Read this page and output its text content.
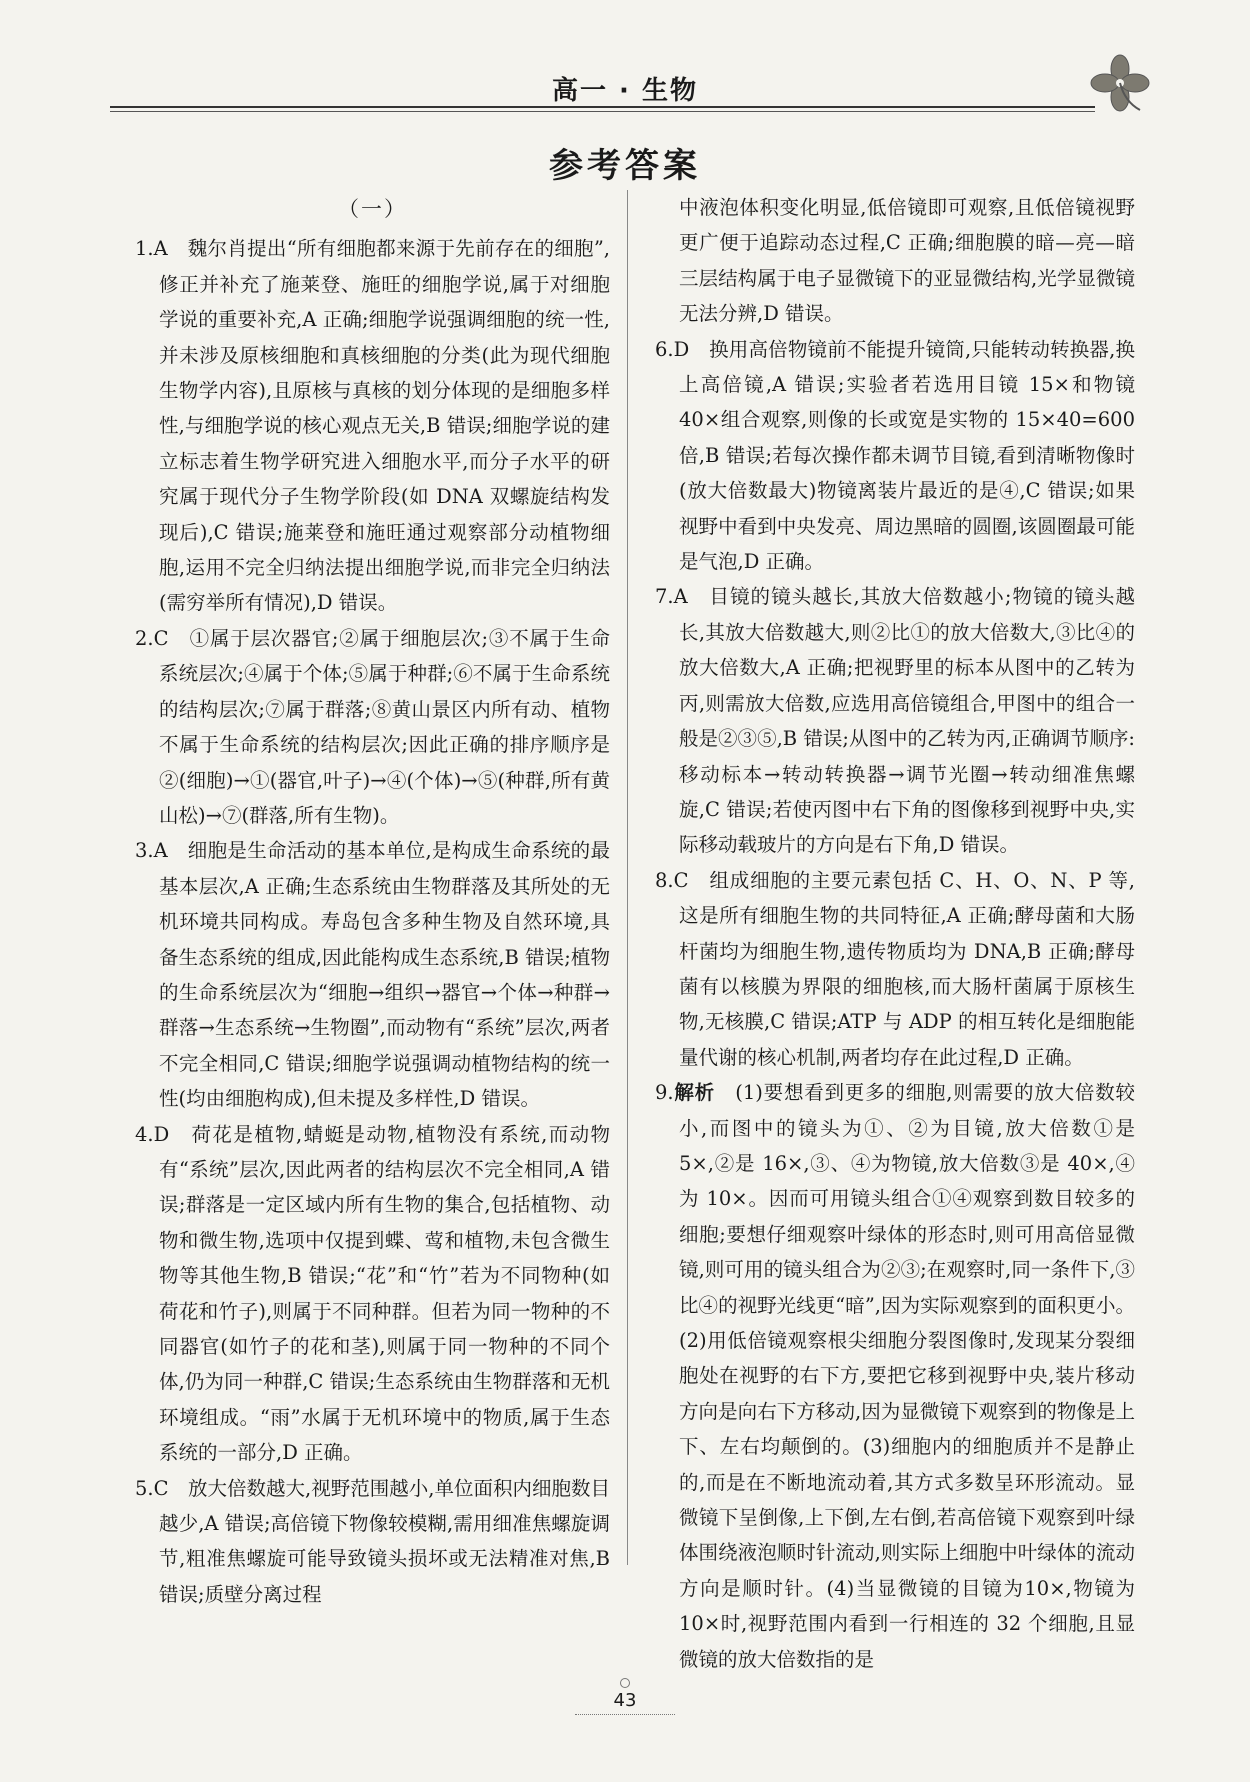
高一 · 生物
参考答案
（一）

1.A　魏尔肖提出“所有细胞都来源于先前存在的细胞”,修正并补充了施莱登、施旺的细胞学说,属于对细胞学说的重要补充,A 正确;细胞学说强调细胞的统一性,并未涉及原核细胞和真核细胞的分类(此为现代细胞生物学内容),且原核与真核的划分体现的是细胞多样性,与细胞学说的核心观点无关,B 错误;细胞学说的建立标志着生物学研究进入细胞水平,而分子水平的研究属于现代分子生物学阶段(如 DNA 双螺旋结构发现后),C 错误;施莱登和施旺通过观察部分动植物细胞,运用不完全归纳法提出细胞学说,而非完全归纳法(需穷举所有情况),D 错误。

2.C　①属于层次器官;②属于细胞层次;③不属于生命系统层次;④属于个体;⑤属于种群;⑥不属于生命系统的结构层次;⑦属于群落;⑧黄山景区内所有动、植物不属于生命系统的结构层次;因此正确的排序顺序是②(细胞)→①(器官,叶子)→④(个体)→⑤(种群,所有黄山松)→⑦(群落,所有生物)。

3.A　细胞是生命活动的基本单位,是构成生命系统的最基本层次,A 正确;生态系统由生物群落及其所处的无机环境共同构成。寿岛包含多种生物及自然环境,具备生态系统的组成,因此能构成生态系统,B 错误;植物的生命系统层次为“细胞→组织→器官→个体→种群→群落→生态系统→生物圈”,而动物有“系统”层次,两者不完全相同,C 错误;细胞学说强调动植物结构的统一性(均由细胞构成),但未提及多样性,D 错误。

4.D　荷花是植物,蜻蜓是动物,植物没有系统,而动物有“系统”层次,因此两者的结构层次不完全相同,A 错误;群落是一定区域内所有生物的集合,包括植物、动物和微生物,选项中仅提到蝶、莺和植物,未包含微生物等其他生物,B 错误;“花”和“竹”若为不同物种(如荷花和竹子),则属于不同种群。但若为同一物种的不同器官(如竹子的花和茎),则属于同一物种的不同个体,仍为同一种群,C 错误;生态系统由生物群落和无机环境组成。“雨”水属于无机环境中的物质,属于生态系统的一部分,D 正确。

5.C　放大倍数越大,视野范围越小,单位面积内细胞数目越少,A 错误;高倍镜下物像较模糊,需用细准焦螺旋调节,粗准焦螺旋可能导致镜头损坏或无法精准对焦,B 错误;质壁分离过程

中液泡体积变化明显,低倍镜即可观察,且低倍镜视野更广便于追踪动态过程,C 正确;细胞膜的暗—亮—暗三层结构属于电子显微镜下的亚显微结构,光学显微镜无法分辨,D 错误。

6.D　换用高倍物镜前不能提升镜筒,只能转动转换器,换上高倍镜,A 错误;实验者若选用目镜 15×和物镜 40×组合观察,则像的长或宽是实物的 15×40=600 倍,B 错误;若每次操作都未调节目镜,看到清晰物像时(放大倍数最大)物镜离装片最近的是④,C 错误;如果视野中看到中央发亮、周边黑暗的圆圈,该圆圈最可能是气泡,D 正确。

7.A　目镜的镜头越长,其放大倍数越小;物镜的镜头越长,其放大倍数越大,则②比①的放大倍数大,③比④的放大倍数大,A 正确;把视野里的标本从图中的乙转为丙,则需放大倍数,应选用高倍镜组合,甲图中的组合一般是②③⑤,B 错误;从图中的乙转为丙,正确调节顺序:移动标本→转动转换器→调节光圈→转动细准焦螺旋,C 错误;若使丙图中右下角的图像移到视野中央,实际移动载玻片的方向是右下角,D 错误。

8.C　组成细胞的主要元素包括 C、H、O、N、P 等,这是所有细胞生物的共同特征,A 正确;酵母菌和大肠杆菌均为细胞生物,遗传物质均为 DNA,B 正确;酵母菌有以核膜为界限的细胞核,而大肠杆菌属于原核生物,无核膜,C 错误;ATP 与 ADP 的相互转化是细胞能量代谢的核心机制,两者均存在此过程,D 正确。

9.解析　(1)要想看到更多的细胞,则需要的放大倍数较小,而图中的镜头为①、②为目镜,放大倍数①是 5×,②是 16×,③、④为物镜,放大倍数③是 40×,④为 10×。因而可用镜头组合①④观察到数目较多的细胞;要想仔细观察叶绿体的形态时,则可用高倍显微镜,则可用的镜头组合为②③;在观察时,同一条件下,③比④的视野光线更“暗”,因为实际观察到的面积更小。(2)用低倍镜观察根尖细胞分裂图像时,发现某分裂细胞处在视野的右下方,要把它移到视野中央,装片移动方向是向右下方移动,因为显微镜下观察到的物像是上下、左右均颠倒的。(3)细胞内的细胞质并不是静止的,而是在不断地流动着,其方式多数呈环形流动。显微镜下呈倒像,上下倒,左右倒,若高倍镜下观察到叶绿体围绕液泡顺时针流动,则实际上细胞中叶绿体的流动方向是顺时针。(4)当显微镜的目镜为10×,物镜为 10×时,视野范围内看到一行相连的 32 个细胞,且显微镜的放大倍数指的是

43
